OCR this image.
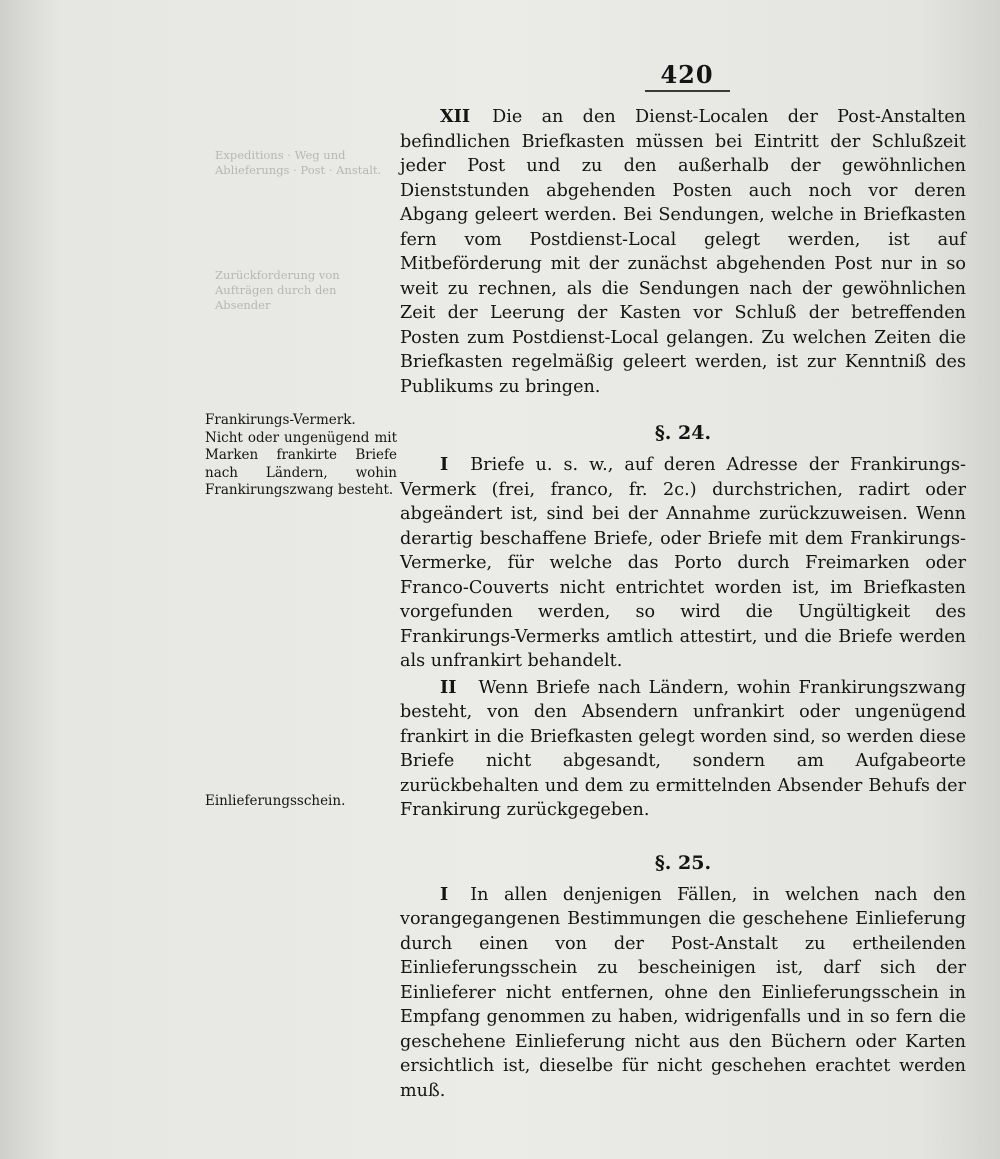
420
Expeditions · Weg und Ablieferungs · Post · Anstalt.
Zurückforderung von Aufträgen durch den Absender
Frankirungs-Vermerk. Nicht oder ungenügend mit Marken frankirte Briefe nach Ländern, wohin Frankirungszwang besteht.
Einlieferungsschein.

XII Die an den Dienst-Localen der Post-Anstalten befindlichen Briefkasten müssen bei Eintritt der Schlußzeit jeder Post und zu den außerhalb der gewöhnlichen Dienststunden abgehenden Posten auch noch vor deren Abgang geleert werden. Bei Sendungen, welche in Briefkasten fern vom Postdienst-Local gelegt werden, ist auf Mitbeförderung mit der zunächst abgehenden Post nur in so weit zu rechnen, als die Sendungen nach der gewöhnlichen Zeit der Leerung der Kasten vor Schluß der betreffenden Posten zum Postdienst-Local gelangen. Zu welchen Zeiten die Briefkasten regelmäßig geleert werden, ist zur Kenntniß des Publikums zu bringen.

§. 24.

I Briefe u. s. w., auf deren Adresse der Frankirungs-Vermerk (frei, franco, fr. 2c.) durchstrichen, radirt oder abgeändert ist, sind bei der Annahme zurückzuweisen. Wenn derartig beschaffene Briefe, oder Briefe mit dem Frankirungs-Vermerke, für welche das Porto durch Freimarken oder Franco-Couverts nicht entrichtet worden ist, im Briefkasten vorgefunden werden, so wird die Ungültigkeit des Frankirungs-Vermerks amtlich attestirt, und die Briefe werden als unfrankirt behandelt.

II Wenn Briefe nach Ländern, wohin Frankirungszwang besteht, von den Absendern unfrankirt oder ungenügend frankirt in die Briefkasten gelegt worden sind, so werden diese Briefe nicht abgesandt, sondern am Aufgabeorte zurückbehalten und dem zu ermittelnden Absender Behufs der Frankirung zurückgegeben.

§. 25.

I In allen denjenigen Fällen, in welchen nach den vorangegangenen Bestimmungen die geschehene Einlieferung durch einen von der Post-Anstalt zu ertheilenden Einlieferungsschein zu bescheinigen ist, darf sich der Einlieferer nicht entfernen, ohne den Einlieferungsschein in Empfang genommen zu haben, widrigenfalls und in so fern die geschehene Einlieferung nicht aus den Büchern oder Karten ersichtlich ist, dieselbe für nicht geschehen erachtet werden muß.
